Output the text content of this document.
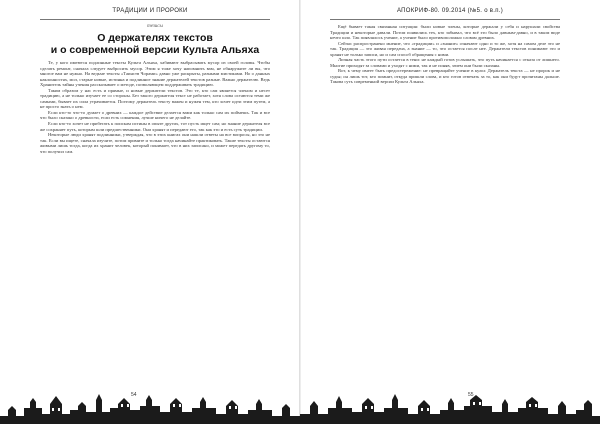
ТРАДИЦИИ И ПРОРОКИ
тезисы
О держателях текстов
и о современной версии Культа Альяха

Те, у кого имеются подлинные тексты Культа Альяха, хабивают выбрасывать мусор из своей головы. Чтобы сделать ремонт, сначала следует выбросить мусор. Этим я тоже хочу напомнить вам, не обнаружите ли вы, что многое вам не нужно. На ведьме тексты «Таинств Чорами» давно уже раскрыты, разными мистиками. Но о данных наклонностях, мол, старые новые, истинна и подлинное знание держателей текстов разные. Важно держателю. Ведь Хранитель тайны учения рассказывает о методе, позволяющем поддерживать традицию.

Таким образом у нас есть и прямые, и новые держатели текстов. Это те, кто сам является членом и несет традицию, а не только изучает ее со стороны. Без такого держателя текст не работает, хотя слова остаются теми же самыми, бывает их сила утрачивается. Поэтому держатель тексту важен и нужен тем, кто хочет идти этим путем, а не просто знать о нем.

Если кто-то что-то думает о древних — каждое действие делается вами как только сам их поймешь. Так и все что было сказано о древности, если есть сомнения, лучше ничего не делайте.

Если кто-то хочет не прибегать к поискам истины в опыте других, тот пусть ищет сам; но знание держателя все же сохраняет путь, которым шли предшественники. Они хранят и передают его, так как это и есть суть традиции.

Некоторые люди хранят подлинники, утверждая, что в этих книгах они нашли ответы на все вопросы, но это не так. Если вы ищете, сначала изучите, потом примите и только тогда начинайте практиковать. Такие тексты остаются живыми лишь тогда, когда их хранит человек, который понимает, что в них записано, и может передать другому то, что получил сам.

54
АПОКРИФ-80. 09.2014 (№5. о в.п.)

Ещё бывает такая связанная ситуация: были новые члены, которые держали у себя и нарушали свойства Традиции и некоторые давали. Потом появились тех, кто забывал, что всё это было давным-давно, и в таком виде нечто шло. Так появлялось учение, а учение было противоположно словам древних.

Сейчас распространено мнение, что «традиции» и «знание» означают одно и то же, хотя на самом деле это не так. Традиция — это живая передача, а знание — то, что остается после нее. Держатели текстов понимают это и хранят не только записи, но и сам способ обращения с ними.

Личная часть этого пути остается в тени: не каждый готов услышать, что путь начинается с отказа от лишнего. Многие приходят за словами и уходят с ними, так и не поняв, зачем они были сказаны.

Вот, к чему имеет быть предостережение: не превращайте учение в культ. Держатель текста — не пророк и не судья; он лишь тот, кто помнит, откуда пришли слова, и кто готов отвечать за то, как они будут прочитаны дальше. Такова суть современной версии Культа Альяха.

55
